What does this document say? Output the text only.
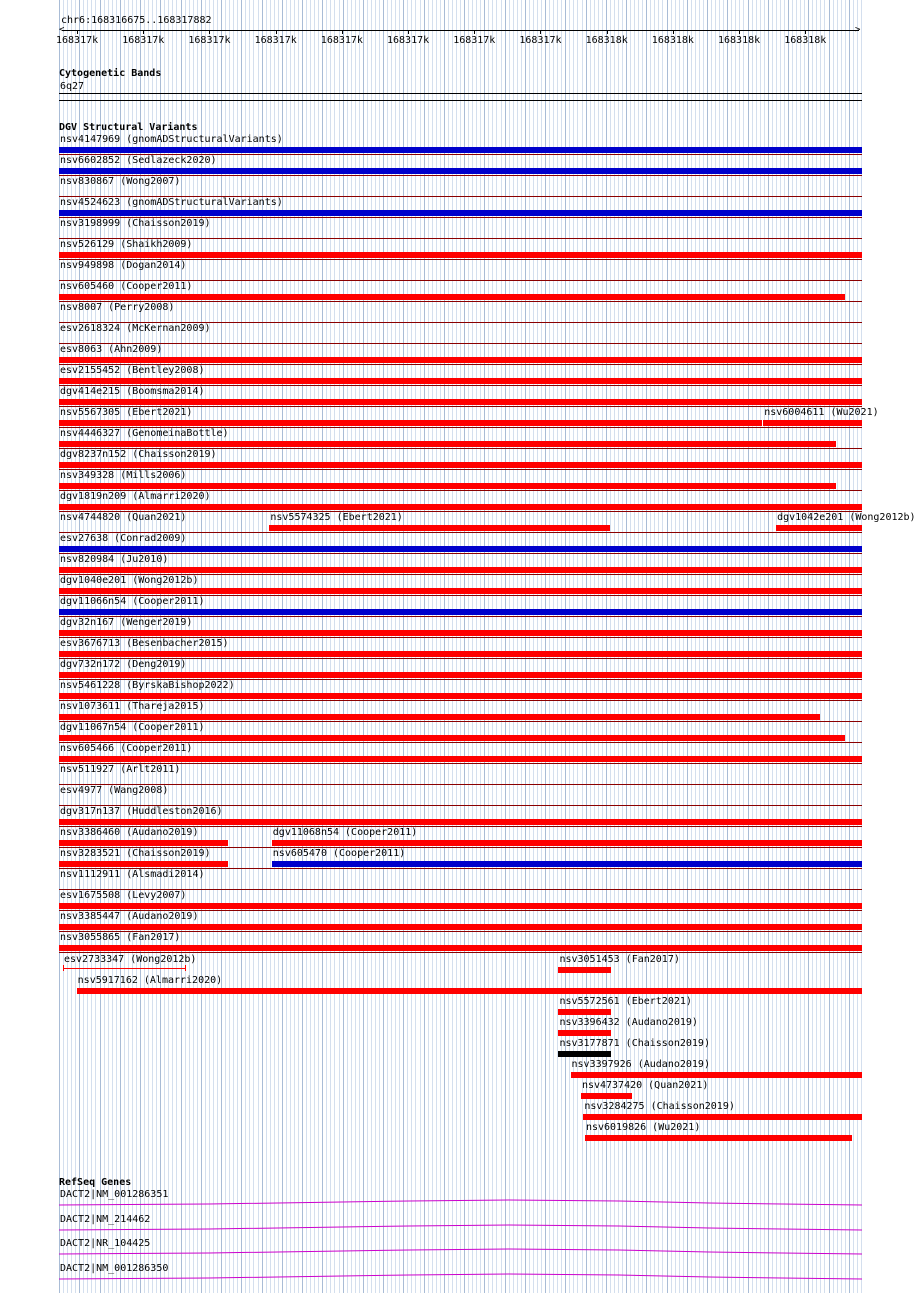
chr6:168316675..168317882
<	>
168317k 168317k 168317k 168317k 168317k 168317k 168317k 168317k 168318k 168318k 168318k 168318k
Cytogenetic Bands
6q27
DGV Structural Variants
nsv4147969 (gnomADStructuralVariants)
nsv6602852 (Sedlazeck2020)
nsv830867 (Wong2007)
nsv4524623 (gnomADStructuralVariants)
nsv3198999 (Chaisson2019)
nsv526129 (Shaikh2009)
nsv949898 (Dogan2014)
nsv605460 (Cooper2011)
nsv8007 (Perry2008)
esv2618324 (McKernan2009)
esv8063 (Ahn2009)
esv2155452 (Bentley2008)
dgv414e215 (Boomsma2014)
nsv5567305 (Ebert2021)	nsv6004611 (Wu2021)
nsv4446327 (GenomeinaBottle)
dgv8237n152 (Chaisson2019)
nsv349328 (Mills2006)
dgv1819n209 (Almarri2020)
nsv4744820 (Quan2021)	nsv5574325 (Ebert2021)	dgv1042e201 (Wong2012b)
esv27638 (Conrad2009)
nsv820984 (Ju2010)
dgv1040e201 (Wong2012b)
dgv11066n54 (Cooper2011)
dgv32n167 (Wenger2019)
esv3676713 (Besenbacher2015)
dgv732n172 (Deng2019)
nsv5461228 (ByrskaBishop2022)
nsv1073611 (Thareja2015)
dgv11067n54 (Cooper2011)
nsv605466 (Cooper2011)
nsv511927 (Arlt2011)
esv4977 (Wang2008)
dgv317n137 (Huddleston2016)
nsv3386460 (Audano2019)	dgv11068n54 (Cooper2011)
nsv3283521 (Chaisson2019)	nsv605470 (Cooper2011)
nsv1112911 (Alsmadi2014)
esv1675508 (Levy2007)
nsv3385447 (Audano2019)
nsv3055865 (Fan2017)
esv2733347 (Wong2012b)	nsv3051453 (Fan2017)
nsv5917162 (Almarri2020)
nsv5572561 (Ebert2021)
nsv3396432 (Audano2019)
nsv3177871 (Chaisson2019)
nsv3397926 (Audano2019)
nsv4737420 (Quan2021)
nsv3284275 (Chaisson2019)
nsv6019826 (Wu2021)
RefSeq Genes
DACT2|NM_001286351
DACT2|NM_214462
DACT2|NR_104425
DACT2|NM_001286350
